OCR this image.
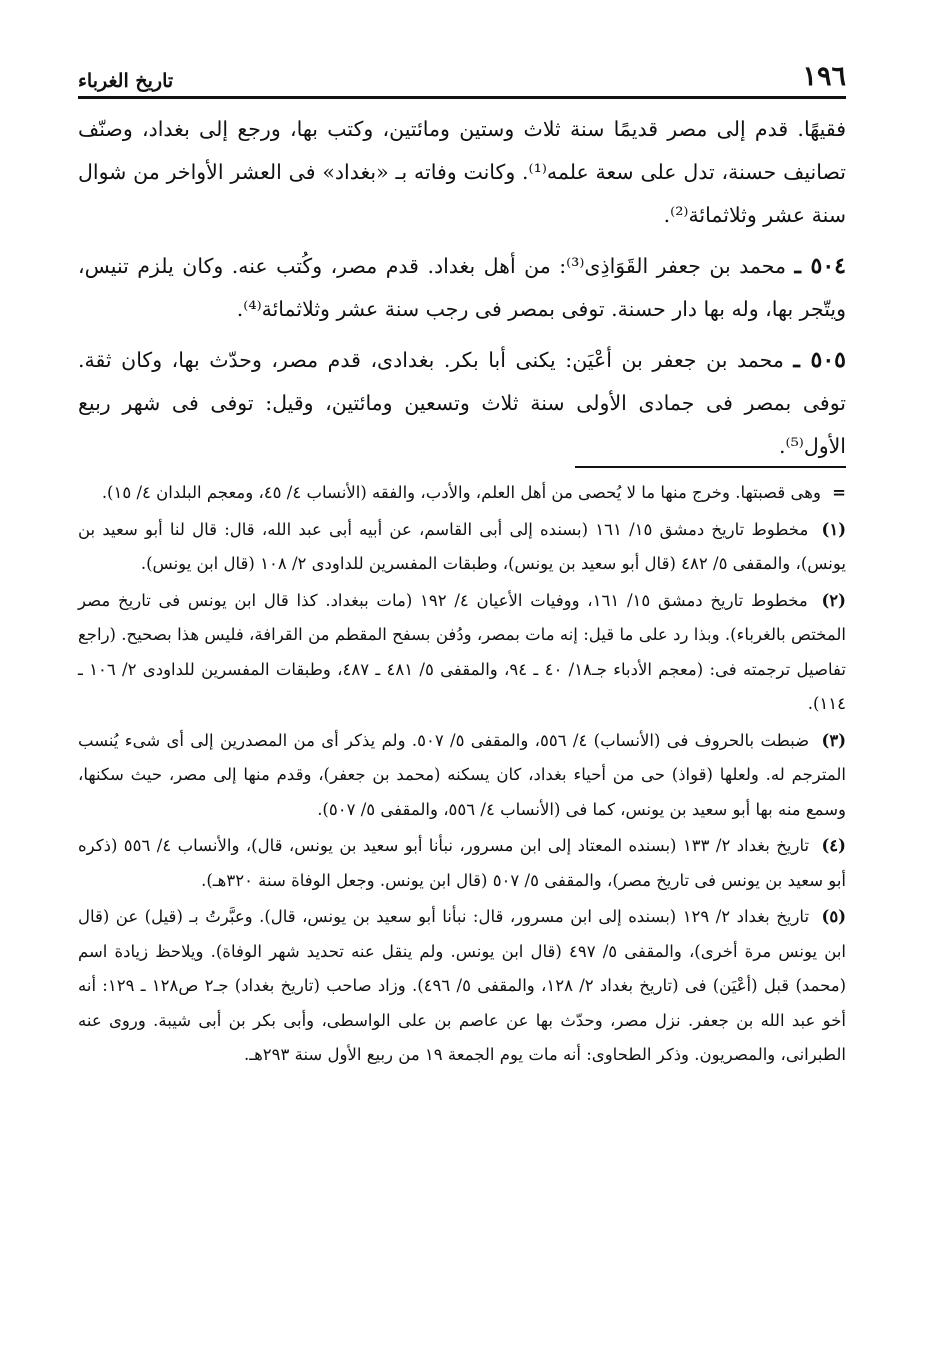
١٩٦
تاريخ الغرباء

فقيهًا. قدم إلى مصر قديمًا سنة ثلاث وستين ومائتين، وكتب بها، ورجع إلى بغداد، وصنّف تصانيف حسنة، تدل على سعة علمه⁽¹⁾. وكانت وفاته بـ «بغداد» فى العشر الأواخر من شوال سنة عشر وثلاثمائة⁽²⁾.

٥٠٤ ـ محمد بن جعفر القَوَاذِى⁽³⁾: من أهل بغداد. قدم مصر، وكُتب عنه. وكان يلزم تنيس، ويتّجر بها، وله بها دار حسنة. توفى بمصر فى رجب سنة عشر وثلاثمائة⁽⁴⁾.

٥٠٥ ـ محمد بن جعفر بن أعْيَن: يكنى أبا بكر. بغدادى، قدم مصر، وحدّث بها، وكان ثقة. توفى بمصر فى جمادى الأولى سنة ثلاث وتسعين ومائتين، وقيل: توفى فى شهر ربيع الأول⁽⁵⁾.

= وهى قصبتها. وخرج منها ما لا يُحصى من أهل العلم، والأدب، والفقه (الأنساب ٤/ ٤٥، ومعجم البلدان ٤/ ١٥).

(١) مخطوط تاريخ دمشق ١٥/ ١٦١ (بسنده إلى أبى القاسم، عن أبيه أبى عبد الله، قال: قال لنا أبو سعيد بن يونس)، والمقفى ٥/ ٤٨٢ (قال أبو سعيد بن يونس)، وطبقات المفسرين للداودى ٢/ ١٠٨ (قال ابن يونس).

(٢) مخطوط تاريخ دمشق ١٥/ ١٦١، ووفيات الأعيان ٤/ ١٩٢ (مات ببغداد. كذا قال ابن يونس فى تاريخ مصر المختص بالغرباء). وبذا رد على ما قيل: إنه مات بمصر، ودُفن بسفح المقطم من القرافة، فليس هذا بصحيح. (راجع تفاصيل ترجمته فى: (معجم الأدباء جـ١٨/ ٤٠ ـ ٩٤، والمقفى ٥/ ٤٨١ ـ ٤٨٧، وطبقات المفسرين للداودى ٢/ ١٠٦ ـ ١١٤).

(٣) ضبطت بالحروف فى (الأنساب) ٤/ ٥٥٦، والمقفى ٥/ ٥٠٧. ولم يذكر أى من المصدرين إلى أى شىء يُنسب المترجم له. ولعلها (قواذ) حى من أحياء بغداد، كان يسكنه (محمد بن جعفر)، وقدم منها إلى مصر، حيث سكنها، وسمع منه بها أبو سعيد بن يونس، كما فى (الأنساب ٤/ ٥٥٦، والمقفى ٥/ ٥٠٧).

(٤) تاريخ بغداد ٢/ ١٣٣ (بسنده المعتاد إلى ابن مسرور، نبأنا أبو سعيد بن يونس، قال)، والأنساب ٤/ ٥٥٦ (ذكره أبو سعيد بن يونس فى تاريخ مصر)، والمقفى ٥/ ٥٠٧ (قال ابن يونس. وجعل الوفاة سنة ٣٢٠هـ).

(٥) تاريخ بغداد ٢/ ١٢٩ (بسنده إلى ابن مسرور، قال: نبأنا أبو سعيد بن يونس، قال). وعبَّرتُ بـ (قيل) عن (قال ابن يونس مرة أخرى)، والمقفى ٥/ ٤٩٧ (قال ابن يونس. ولم ينقل عنه تحديد شهر الوفاة). ويلاحظ زيادة اسم (محمد) قبل (أعْيَن) فى (تاريخ بغداد ٢/ ١٢٨، والمقفى ٥/ ٤٩٦). وزاد صاحب (تاريخ بغداد) جـ٢ ص١٢٨ ـ ١٢٩: أنه أخو عبد الله بن جعفر. نزل مصر، وحدّث بها عن عاصم بن على الواسطى، وأبى بكر بن أبى شيبة. وروى عنه الطبرانى، والمصريون. وذكر الطحاوى: أنه مات يوم الجمعة ١٩ من ربيع الأول سنة ٢٩٣هـ.
